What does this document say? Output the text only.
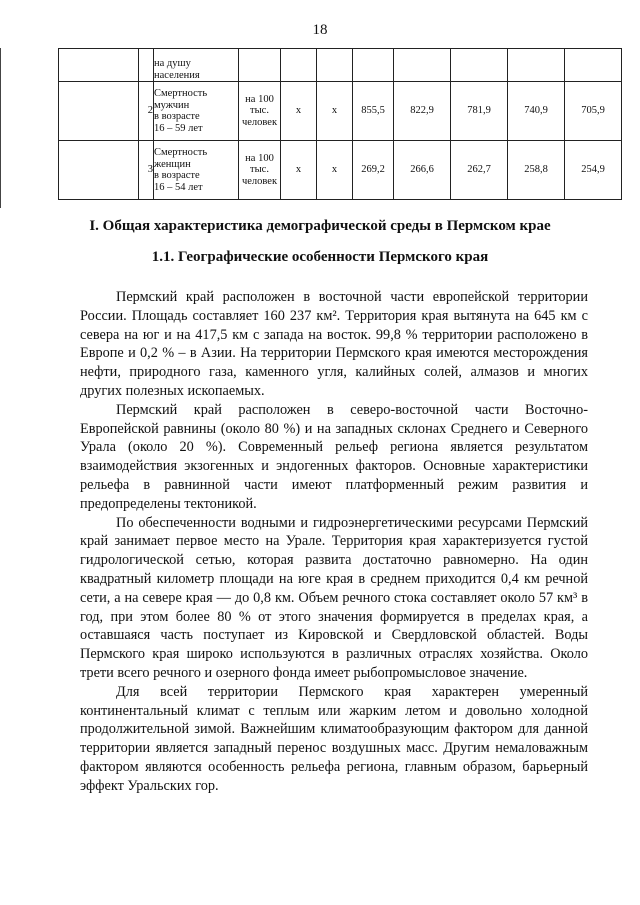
18

		на душу
населения								

	2	Смертность
мужчин
в возрасте
16 – 59 лет	на 100
тыс.
человек	x	x	855,5	822,9	781,9	740,9	705,9
	3	Смертность
женщин
в возрасте
16 – 54 лет	на 100
тыс.
человек	x	x	269,2	266,6	262,7	258,8	254,9
I. Общая характеристика демографической среды в Пермском крае
1.1. Географические особенности Пермского края

Пермский край расположен в восточной части европейской территории России. Площадь составляет 160 237 км². Территория края вытянута на 645 км с севера на юг и на 417,5 км с запада на восток. 99,8 % территории расположено в Европе и 0,2 % – в Азии. На территории Пермского края имеются месторождения нефти, природного газа, каменного угля, калийных солей, алмазов и многих других полезных ископаемых.

Пермский край расположен в северо-восточной части Восточно-Европейской равнины (около 80 %) и на западных склонах Среднего и Северного Урала (около 20 %). Современный рельеф региона является результатом взаимодействия экзогенных и эндогенных факторов. Основные характеристики рельефа в равнинной части имеют платформенный режим развития и предопределены тектоникой.

По обеспеченности водными и гидроэнергетическими ресурсами Пермский край занимает первое место на Урале. Территория края характеризуется густой гидрологической сетью, которая развита достаточно равномерно. На один квадратный километр площади на юге края в среднем приходится 0,4 км речной сети, а на севере края — до 0,8 км. Объем речного стока составляет около 57 км³ в год, при этом более 80 % от этого значения формируется в пределах края, а оставшаяся часть поступает из Кировской и Свердловской областей. Воды Пермского края широко используются в различных отраслях хозяйства. Около трети всего речного и озерного фонда имеет рыбопромысловое значение.

Для всей территории Пермского края характерен умеренный континентальный климат с теплым или жарким летом и довольно холодной продолжительной зимой. Важнейшим климатообразующим фактором для данной территории является западный перенос воздушных масс. Другим немаловажным фактором являются особенность рельефа региона, главным образом, барьерный эффект Уральских гор.
